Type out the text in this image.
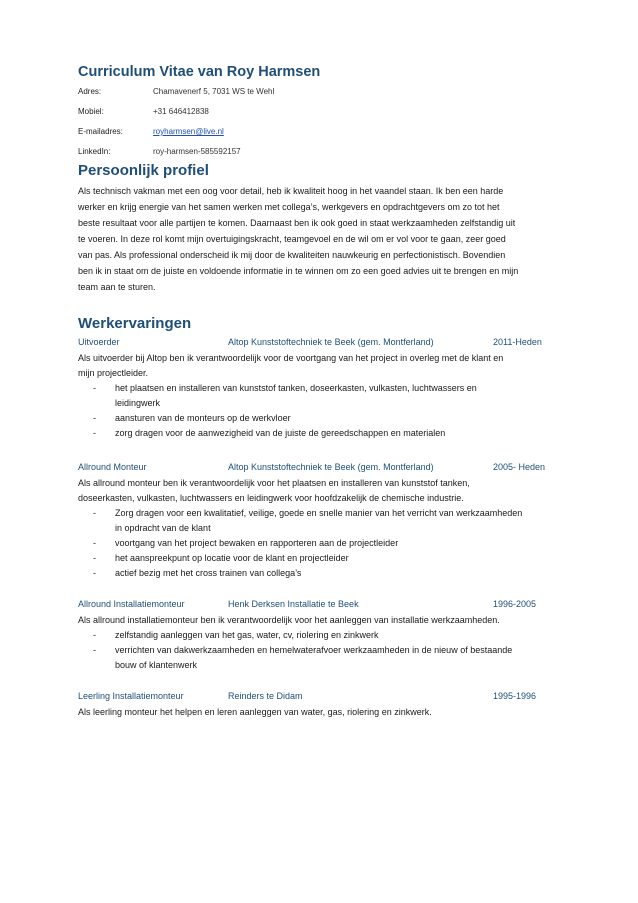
Curriculum Vitae van Roy Harmsen
Adres:	Chamavenerf 5, 7031 WS te Wehl
Mobiel:	+31 646412838
E-mailadres:	royharmsen@live.nl
LinkedIn:	roy-harmsen-585592157
Persoonlijk profiel
Als technisch vakman met een oog voor detail, heb ik kwaliteit hoog in het vaandel staan. Ik ben een harde
werker en krijg energie van het samen werken met collega’s, werkgevers en opdrachtgevers om zo tot het
beste resultaat voor alle partijen te komen. Daarnaast ben ik ook goed in staat werkzaamheden zelfstandig uit
te voeren. In deze rol komt mijn overtuigingskracht, teamgevoel en de wil om er vol voor te gaan, zeer goed
van pas. Als professional onderscheid ik mij door de kwaliteiten nauwkeurig en perfectionistisch. Bovendien
ben ik in staat om de juiste en voldoende informatie in te winnen om zo een goed advies uit te brengen en mijn
team aan te sturen.
Werkervaringen
Uitvoerder	Altop Kunststoftechniek te Beek (gem. Montferland)	2011-Heden
Als uitvoerder bij Altop ben ik verantwoordelijk voor de voortgang van het project in overleg met de klant en
mijn projectleider.
- het plaatsen en installeren van kunststof tanken, doseerkasten, vulkasten, luchtwassers en
leidingwerk
- aansturen van de monteurs op de werkvloer
- zorg dragen voor de aanwezigheid van de juiste de gereedschappen en materialen
Allround Monteur	Altop Kunststoftechniek te Beek (gem. Montferland)	2005- Heden
Als allround monteur ben ik verantwoordelijk voor het plaatsen en installeren van kunststof tanken,
doseerkasten, vulkasten, luchtwassers en leidingwerk voor hoofdzakelijk de chemische industrie.
- Zorg dragen voor een kwalitatief, veilige, goede en snelle manier van het verricht van werkzaamheden
in opdracht van de klant
- voortgang van het project bewaken en rapporteren aan de projectleider
- het aanspreekpunt op locatie voor de klant en projectleider
- actief bezig met het cross trainen van collega’s
Allround Installatiemonteur	Henk Derksen Installatie te Beek	1996-2005
Als allround installatiemonteur ben ik verantwoordelijk voor het aanleggen van installatie werkzaamheden.
- zelfstandig aanleggen van het gas, water, cv, riolering en zinkwerk
- verrichten van dakwerkzaamheden en hemelwaterafvoer werkzaamheden in de nieuw of bestaande
bouw of klantenwerk
Leerling Installatiemonteur	Reinders te Didam	1995-1996
Als leerling monteur het helpen en leren aanleggen van water, gas, riolering en zinkwerk.
